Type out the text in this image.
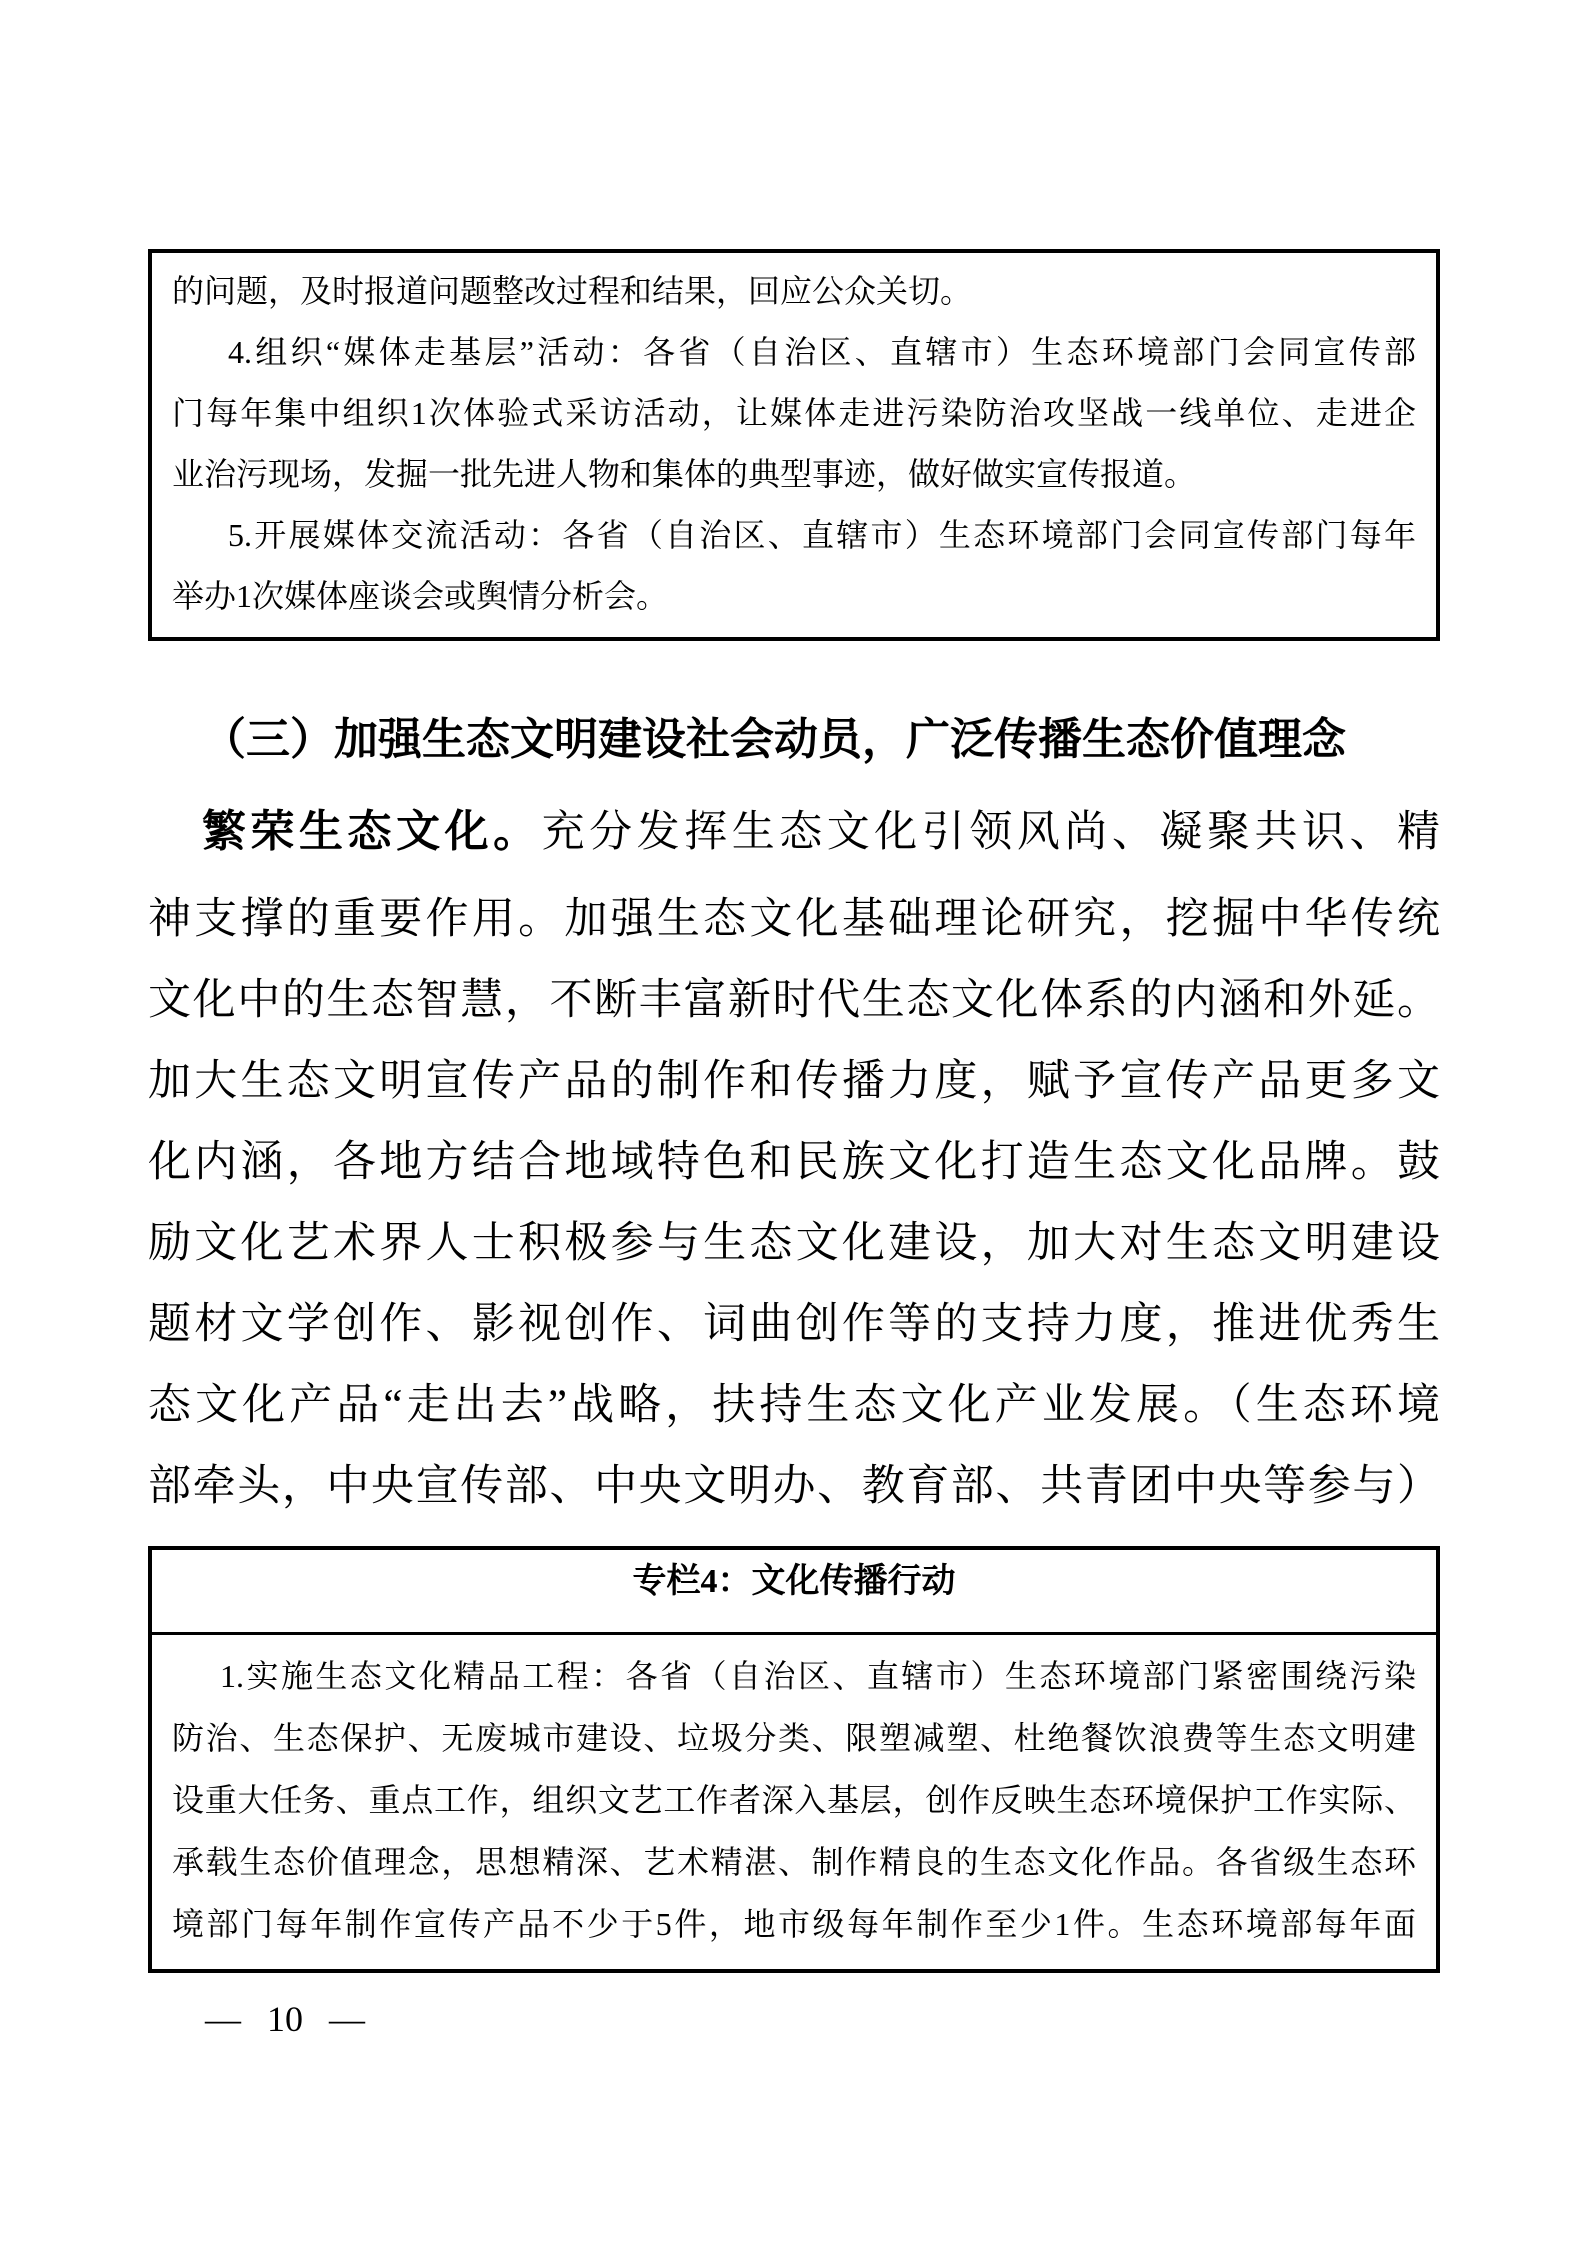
的问题，及时报道问题整改过程和结果，回应公众关切。
4.组织“媒体走基层”活动：各省（自治区、直辖市）生态环境部门会同宣传部
门每年集中组织1次体验式采访活动，让媒体走进污染防治攻坚战一线单位、走进企
业治污现场，发掘一批先进人物和集体的典型事迹，做好做实宣传报道。
5.开展媒体交流活动：各省（自治区、直辖市）生态环境部门会同宣传部门每年
举办1次媒体座谈会或舆情分析会。
（三）加强生态文明建设社会动员，广泛传播生态价值理念
繁荣生态文化。充分发挥生态文化引领风尚、凝聚共识、精
神支撑的重要作用。加强生态文化基础理论研究，挖掘中华传统
文化中的生态智慧，不断丰富新时代生态文化体系的内涵和外延。
加大生态文明宣传产品的制作和传播力度，赋予宣传产品更多文
化内涵，各地方结合地域特色和民族文化打造生态文化品牌。鼓
励文化艺术界人士积极参与生态文化建设，加大对生态文明建设
题材文学创作、影视创作、词曲创作等的支持力度，推进优秀生
态文化产品“走出去”战略，扶持生态文化产业发展。（生态环境
部牵头，中央宣传部、中央文明办、教育部、共青团中央等参与）
专栏4：文化传播行动
1.实施生态文化精品工程：各省（自治区、直辖市）生态环境部门紧密围绕污染
防治、生态保护、无废城市建设、垃圾分类、限塑减塑、杜绝餐饮浪费等生态文明建
设重大任务、重点工作，组织文艺工作者深入基层，创作反映生态环境保护工作实际、
承载生态价值理念，思想精深、艺术精湛、制作精良的生态文化作品。各省级生态环
境部门每年制作宣传产品不少于5件，地市级每年制作至少1件。生态环境部每年面
— 10 —
